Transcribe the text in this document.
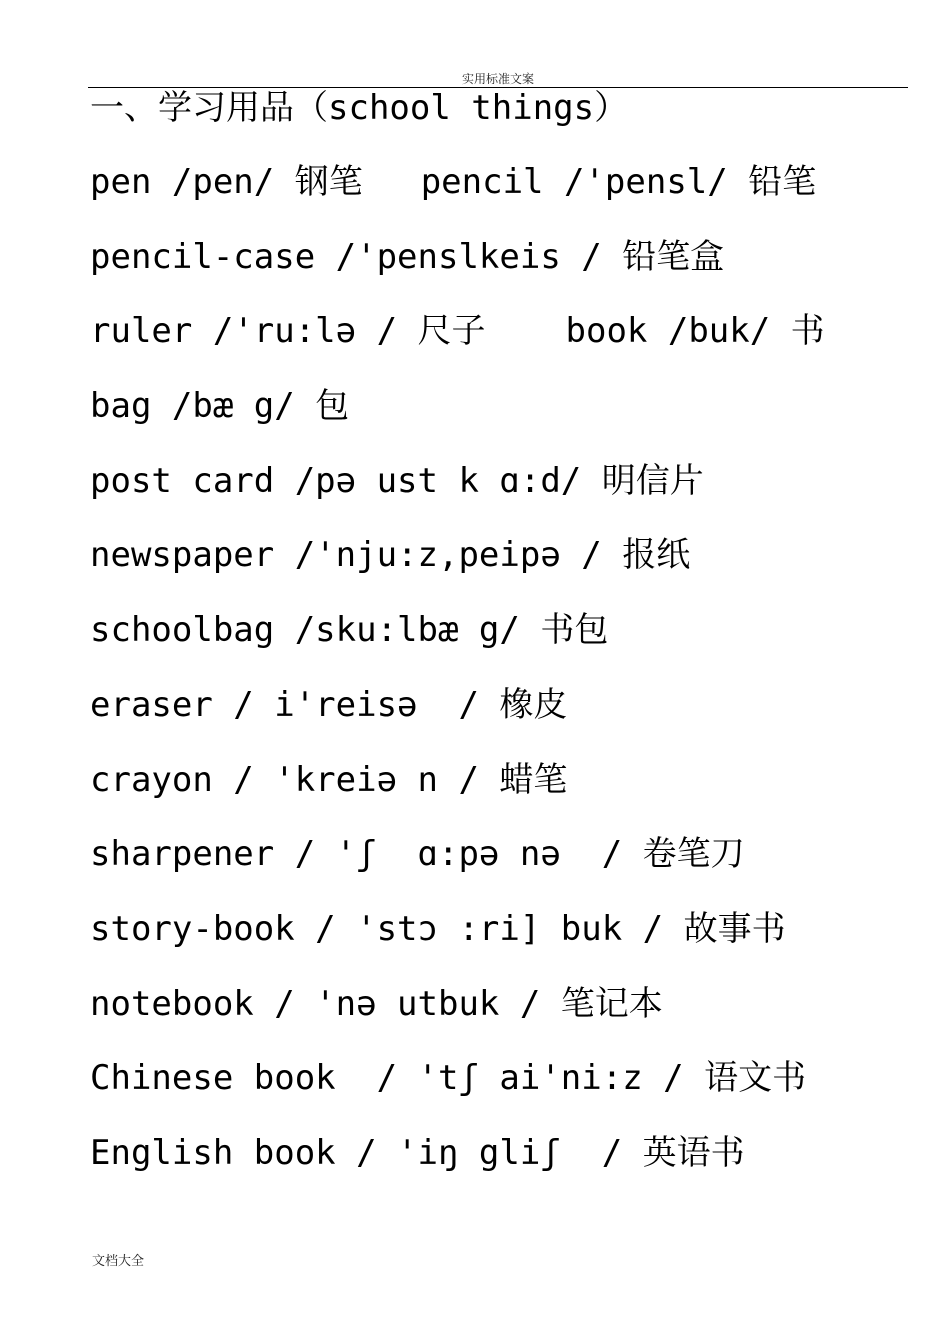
实用标准文案
一、学习用品（school things）
pen /pen/ 钢笔 pencil /'pensl/ 铅笔
pencil-case /'penslkeis / 铅笔盒
ruler /'ru:lə / 尺子 book /buk/ 书
bag /bæ g/ 包
post card /pə ust k ɑ:d/ 明信片
newspaper /'nju:z,peipə / 报纸
schoolbag /sku:lbæ g/ 书包
eraser / i'reisə  / 橡皮
crayon / 'kreiə n / 蜡笔
sharpener / 'ʃ  ɑ:pə nə  / 卷笔刀
story-book / 'stɔ :ri] buk / 故事书
notebook / 'nə utbuk / 笔记本
Chinese book  / 'tʃ ai'ni:z / 语文书
English book / 'iŋ gliʃ  / 英语书
文档大全
